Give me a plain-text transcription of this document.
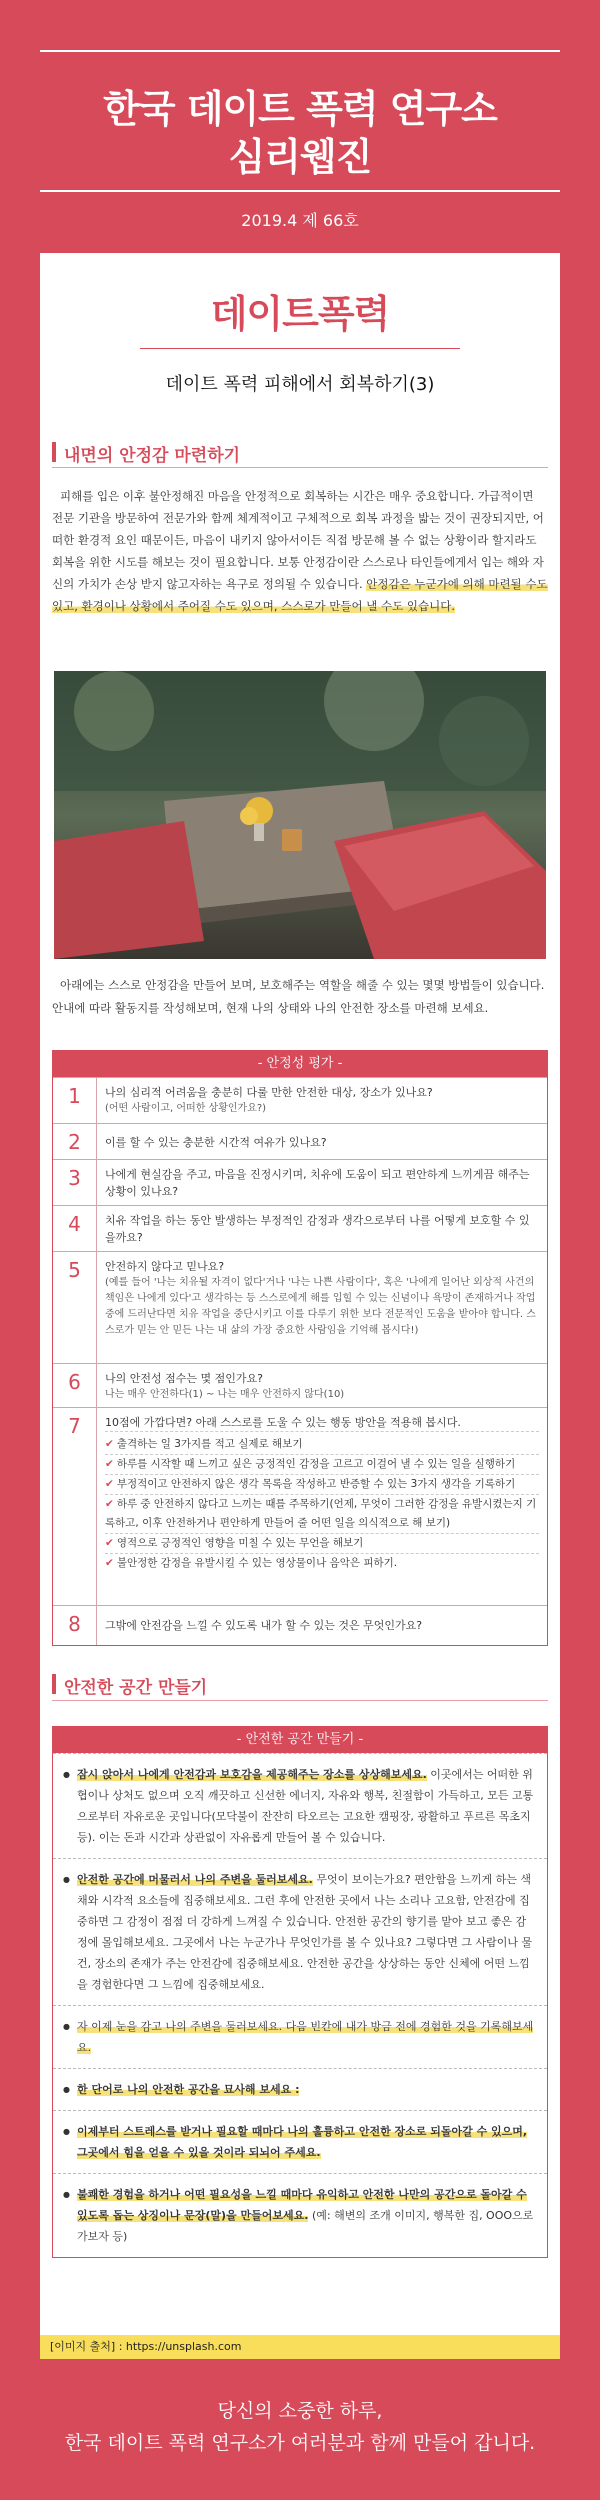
한국 데이트 폭력 연구소
심리웹진
2019.4 제 66호
데이트폭력
데이트 폭력 피해에서 회복하기(3)
내면의 안정감 마련하기
피해를 입은 이후 불안정해진 마음을 안정적으로 회복하는 시간은 매우 중요합니다. 가급적이면 전문 기관을 방문하여 전문가와 함께 체계적이고 구체적으로 회복 과정을 밟는 것이 권장되지만, 어떠한 환경적 요인 때문이든, 마음이 내키지 않아서이든 직접 방문해 볼 수 없는 상황이라 할지라도 회복을 위한 시도를 해보는 것이 필요합니다. 보통 안정감이란 스스로나 타인들에게서 입는 해와 자신의 가치가 손상 받지 않고자하는 욕구로 정의될 수 있습니다. 안정감은 누군가에 의해 마련될 수도 있고, 환경이나 상황에서 주어질 수도 있으며, 스스로가 만들어 낼 수도 있습니다.
아래에는 스스로 안정감을 만들어 보며, 보호해주는 역할을 해줄 수 있는 몇몇 방법들이 있습니다. 안내에 따라 활동지를 작성해보며, 현재 나의 상태와 나의 안전한 장소를 마련해 보세요.
- 안정성 평가 -
1	나의 심리적 어려움을 충분히 다룰 만한 안전한 대상, 장소가 있나요?
(어떤 사람이고, 어떠한 상황인가요?)
2	이를 할 수 있는 충분한 시간적 여유가 있나요?
3	나에게 현실감을 주고, 마음을 진정시키며, 치유에 도움이 되고 편안하게 느끼게끔 해주는 상황이 있나요?
4	치유 작업을 하는 동안 발생하는 부정적인 감정과 생각으로부터 나를 어떻게 보호할 수 있을까요?
5	안전하지 않다고 믿나요?
(예를 들어 '나는 치유될 자격이 없다'거나 '나는 나쁜 사람이다', 혹은 '나에게 일어난 외상적 사건의 책임은 나에게 있다'고 생각하는 등 스스로에게 해를 입힐 수 있는 신념이나 욕망이 존재하거나 작업 중에 드러난다면 치유 작업을 중단시키고 이를 다루기 위한 보다 전문적인 도움을 받아야 합니다. 스스로가 믿는 안 믿든 나는 내 삶의 가장 중요한 사람임을 기억해 봅시다!)
6	나의 안전성 점수는 몇 점인가요?
나는 매우 안전하다(1) ~ 나는 매우 안전하지 않다(10)
7	10점에 가깝다면? 아래 스스로를 도울 수 있는 행동 방안을 적용해 봅시다.
✔ 출격하는 일 3가지를 적고 실제로 해보기
✔ 하루를 시작할 때 느끼고 싶은 긍정적인 감정을 고르고 이걸어 낼 수 있는 일을 실행하기
✔ 부정적이고 안전하지 않은 생각 목록을 작성하고 반증할 수 있는 3가지 생각을 기록하기
✔ 하루 중 안전하지 않다고 느끼는 때를 주목하기(언제, 무엇이 그러한 감정을 유발시켰는지 기록하고, 이후 안전하거나 편안하게 만들어 줄 어떤 일을 의식적으로 해 보기)
✔ 영적으로 긍정적인 영향을 미칠 수 있는 무언을 해보기
✔ 불안정한 감정을 유발시킬 수 있는 영상물이나 음악은 피하기.
8	그밖에 안전감을 느낄 수 있도록 내가 할 수 있는 것은 무엇인가요?
안전한 공간 만들기
- 안전한 공간 만들기 -
● 잠시 앉아서 나에게 안전감과 보호감을 제공해주는 장소를 상상해보세요. 이곳에서는 어떠한 위협이나 상처도 없으며 오직 깨끗하고 신선한 에너지, 자유와 행복, 친절함이 가득하고, 모든 고통으로부터 자유로운 곳입니다(모닥불이 잔잔히 타오르는 고요한 캠핑장, 광활하고 푸르른 목초지 등). 이는 돈과 시간과 상관없이 자유롭게 만들어 볼 수 있습니다.
● 안전한 공간에 머물러서 나의 주변을 둘러보세요. 무엇이 보이는가요? 편안함을 느끼게 하는 색채와 시각적 요소들에 집중해보세요. 그런 후에 안전한 곳에서 나는 소리나 고요함, 안전감에 집중하면 그 감정이 점점 더 강하게 느껴질 수 있습니다. 안전한 공간의 향기를 맡아 보고 좋은 감정에 몰입해보세요. 그곳에서 나는 누군가나 무엇인가를 볼 수 있나요? 그렇다면 그 사람이나 물건, 장소의 존재가 주는 안전감에 집중해보세요. 안전한 공간을 상상하는 동안 신체에 어떤 느낌을 경험한다면 그 느낌에 집중해보세요.
● 자 이제 눈을 감고 나의 주변을 둘러보세요. 다음 빈칸에 내가 방금 전에 경험한 것을 기록해보세요.
● 한 단어로 나의 안전한 공간을 묘사해 보세요 :
● 이제부터 스트레스를 받거나 필요할 때마다 나의 훌륭하고 안전한 장소로 되돌아갈 수 있으며, 그곳에서 힘을 얻을 수 있을 것이라 되뇌어 주세요.
● 불쾌한 경험을 하거나 어떤 필요성을 느낄 때마다 유익하고 안전한 나만의 공간으로 돌아갈 수 있도록 돕는 상징이나 문장(말)을 만들어보세요. (예: 해변의 조개 이미지, 행복한 집, OOO으로 가보자 등)
[이미지 출처] : https://unsplash.com
당신의 소중한 하루,
한국 데이트 폭력 연구소가 여러분과 함께 만들어 갑니다.
